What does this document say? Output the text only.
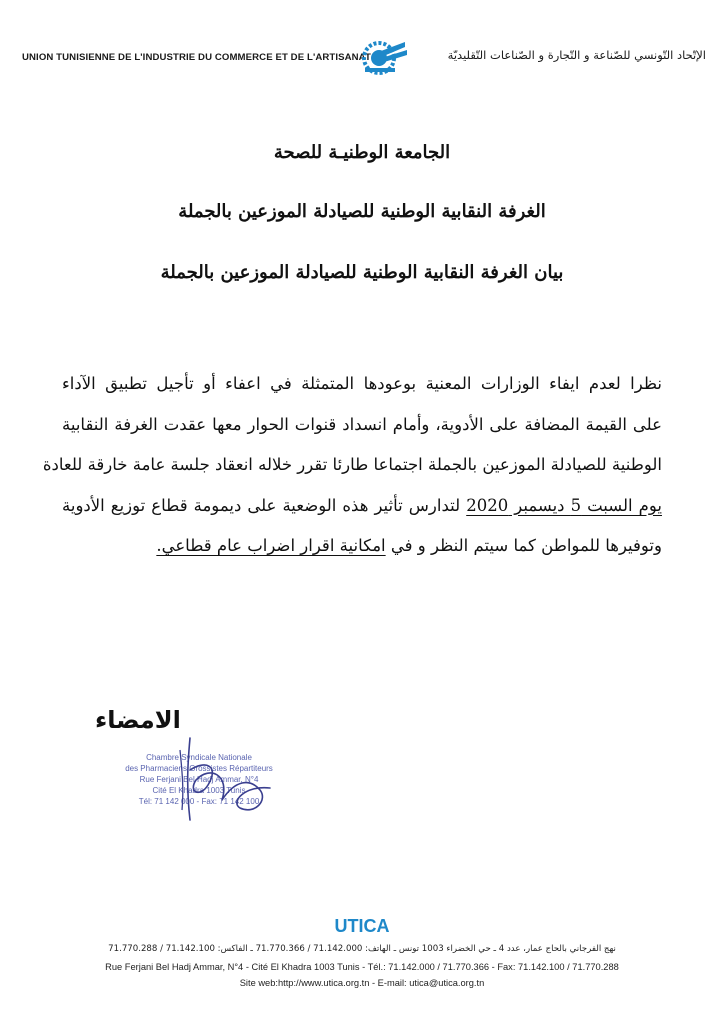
UNION TUNISIENNE DE L'INDUSTRIE DU COMMERCE ET DE L'ARTISANAT	الإتّحاد التّونسي للصّناعة و التّجارة و الصّناعات التّقليديّة
الجامعة الوطنيـة للصحة
الغرفة النقابية الوطنية للصيادلة الموزعين بالجملة
بيان الغرفة النقابية الوطنية للصيادلة الموزعين بالجملة
نظرا لعدم ايفاء الوزارات المعنية بوعودها المتمثلة في اعفاء أو تأجيل تطبيق الآداء
على القيمة المضافة على الأدوية، وأمام انسداد قنوات الحوار معها عقدت الغرفة النقابية
الوطنية للصيادلة الموزعين بالجملة اجتماعا طارئا تقرر خلاله انعقاد جلسة عامة خارقة للعادة
يوم السبت 5 ديسمبر 2020 لتدارس تأثير هذه الوضعية على ديمومة قطاع توزيع الأدوية
وتوفيرها للمواطن كما سيتم النظر و في امكانية اقرار اضراب عام قطاعي.
الامضاء
Chambre Syndicale Nationale
des Pharmaciens Grossistes Répartiteurs
Rue Ferjani Bel Hadj Ammar, N°4
Cité El Khadra 1003 Tunis
Tél: 71 142 000 - Fax: 71 142 100
UTICA
نهج الفرجاني بالحاج عمار، عدد 4 ـ حي الخضراء 1003 تونس ـ الهاتف: 71.142.000 / 71.770.366 ـ الفاكس: 71.142.100 / 71.770.288
Rue Ferjani Bel Hadj Ammar, N°4 - Cité El Khadra 1003 Tunis - Tél.: 71.142.000 / 71.770.366 - Fax: 71.142.100 / 71.770.288
Site web:http://www.utica.org.tn - E-mail: utica@utica.org.tn
